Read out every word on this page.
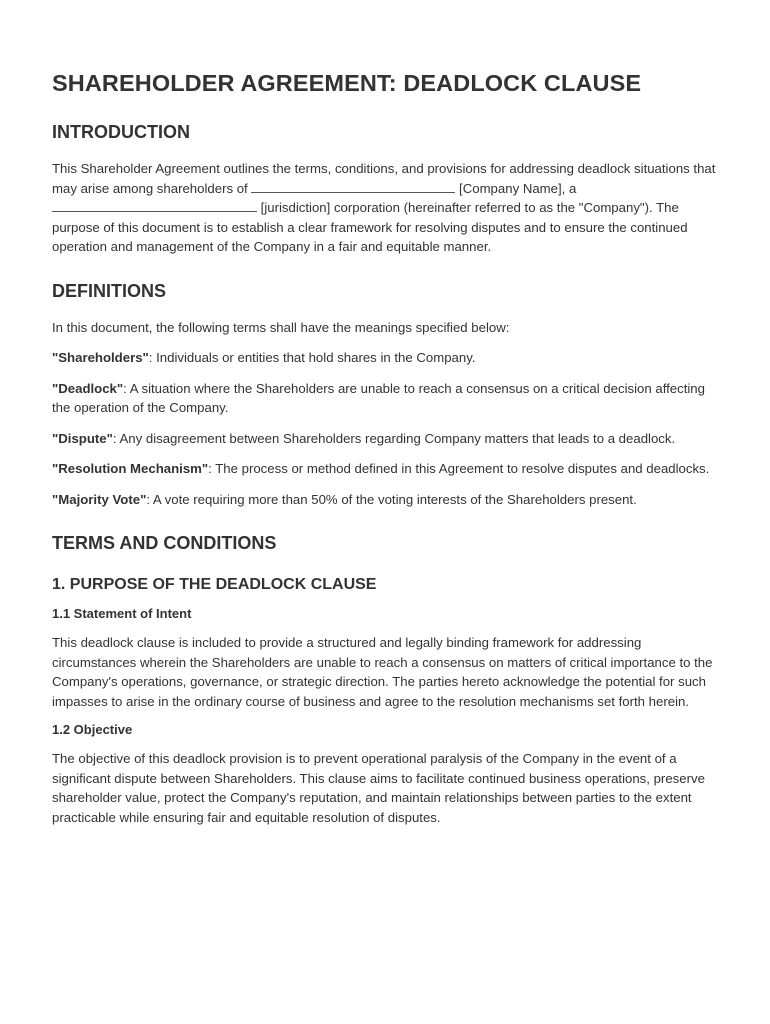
SHAREHOLDER AGREEMENT: DEADLOCK CLAUSE
INTRODUCTION

This Shareholder Agreement outlines the terms, conditions, and provisions for addressing deadlock situations that may arise among shareholders of	[Company Name], a  [jurisdiction] corporation (hereinafter referred to as the "Company"). The purpose of this document is to establish a clear framework for resolving disputes and to ensure the continued operation and management of the Company in a fair and equitable manner.

DEFINITIONS

In this document, the following terms shall have the meanings specified below:

"Shareholders": Individuals or entities that hold shares in the Company.

"Deadlock": A situation where the Shareholders are unable to reach a consensus on a critical decision affecting the operation of the Company.

"Dispute": Any disagreement between Shareholders regarding Company matters that leads to a deadlock.

"Resolution Mechanism": The process or method defined in this Agreement to resolve disputes and deadlocks.

"Majority Vote": A vote requiring more than 50% of the voting interests of the Shareholders present.

TERMS AND CONDITIONS
1. PURPOSE OF THE DEADLOCK CLAUSE
1.1 Statement of Intent

This deadlock clause is included to provide a structured and legally binding framework for addressing circumstances wherein the Shareholders are unable to reach a consensus on matters of critical importance to the Company's operations, governance, or strategic direction. The parties hereto acknowledge the potential for such impasses to arise in the ordinary course of business and agree to the resolution mechanisms set forth herein.

1.2 Objective

The objective of this deadlock provision is to prevent operational paralysis of the Company in the event of a significant dispute between Shareholders. This clause aims to facilitate continued business operations, preserve shareholder value, protect the Company's reputation, and maintain relationships between parties to the extent practicable while ensuring fair and equitable resolution of disputes.
